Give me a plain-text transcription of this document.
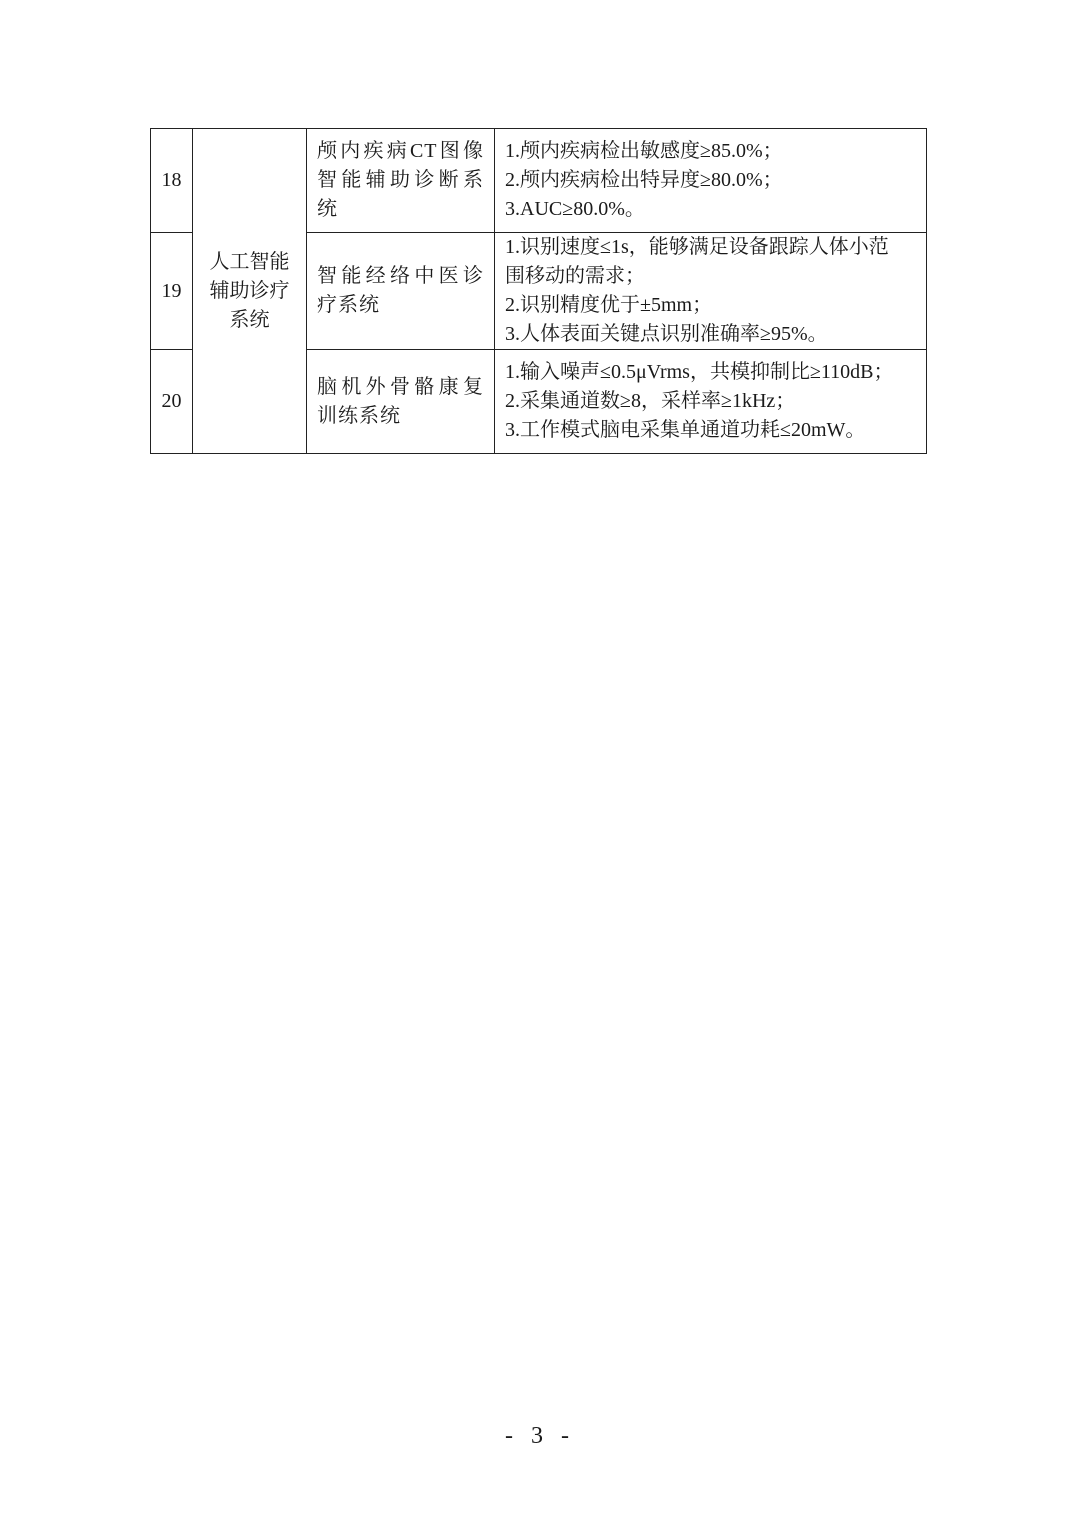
18	人工智能辅助诊疗系统	颅内疾病CT图像智能辅助诊断系统	1.颅内疾病检出敏感度≥85.0%；
2.颅内疾病检出特异度≥80.0%；
3.AUC≥80.0%。

19		智能经络中医诊疗系统	1.识别速度≤1s，能够满足设备跟踪人体小范
围移动的需求；
2.识别精度优于±5mm；
3.人体表面关键点识别准确率≥95%。

20		脑机外骨骼康复训练系统	1.输入噪声≤0.5μVrms，共模抑制比≥110dB；
2.采集通道数≥8，采样率≥1kHz；
3.工作模式脑电采集单通道功耗≤20mW。
- 3 -
